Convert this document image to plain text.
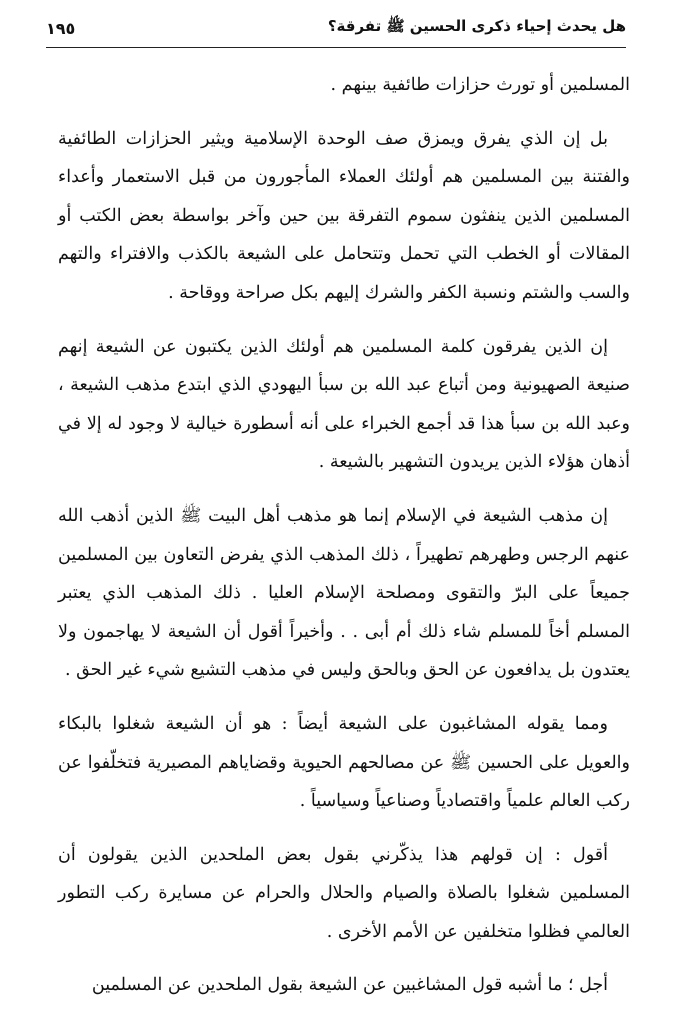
هل يحدث إحياء ذكرى الحسين ﷺ تفرقة؟
١٩٥

المسلمين أو تورث حزازات طائفية بينهم .

بل إن الذي يفرق ويمزق صف الوحدة الإسلامية ويثير الحزازات الطائفية والفتنة بين المسلمين هم أولئك العملاء المأجورون من قبل الاستعمار وأعداء المسلمين الذين ينفثون سموم التفرقة بين حين وآخر بواسطة بعض الكتب أو المقالات أو الخطب التي تحمل وتتحامل على الشيعة بالكذب والافتراء والتهم والسب والشتم ونسبة الكفر والشرك إليهم بكل صراحة ووقاحة .

إن الذين يفرقون كلمة المسلمين هم أولئك الذين يكتبون عن الشيعة إنهم صنيعة الصهيونية ومن أتباع عبد الله بن سبأ اليهودي الذي ابتدع مذهب الشيعة ، وعبد الله بن سبأ هذا قد أجمع الخبراء على أنه أسطورة خيالية لا وجود له إلا في أذهان هؤلاء الذين يريدون التشهير بالشيعة .

إن مذهب الشيعة في الإسلام إنما هو مذهب أهل البيت ﷺ الذين أذهب الله عنهم الرجس وطهرهم تطهيراً ، ذلك المذهب الذي يفرض التعاون بين المسلمين جميعاً على البرّ والتقوى ومصلحة الإسلام العليا . ذلك المذهب الذي يعتبر المسلم أخاً للمسلم شاء ذلك أم أبى . . وأخيراً أقول أن الشيعة لا يهاجمون ولا يعتدون بل يدافعون عن الحق وبالحق وليس في مذهب التشيع شيء غير الحق .

ومما يقوله المشاغبون على الشيعة أيضاً : هو أن الشيعة شغلوا بالبكاء والعويل على الحسين ﷺ عن مصالحهم الحيوية وقضاياهم المصيرية فتخلّفوا عن ركب العالم علمياً واقتصادياً وصناعياً وسياسياً .

أقول : إن قولهم هذا يذكّرني بقول بعض الملحدين الذين يقولون أن المسلمين شغلوا بالصلاة والصيام والحلال والحرام عن مسايرة ركب التطور العالمي فظلوا متخلفين عن الأمم الأخرى .

أجل ؛ ما أشبه قول المشاغبين عن الشيعة بقول الملحدين عن المسلمين
